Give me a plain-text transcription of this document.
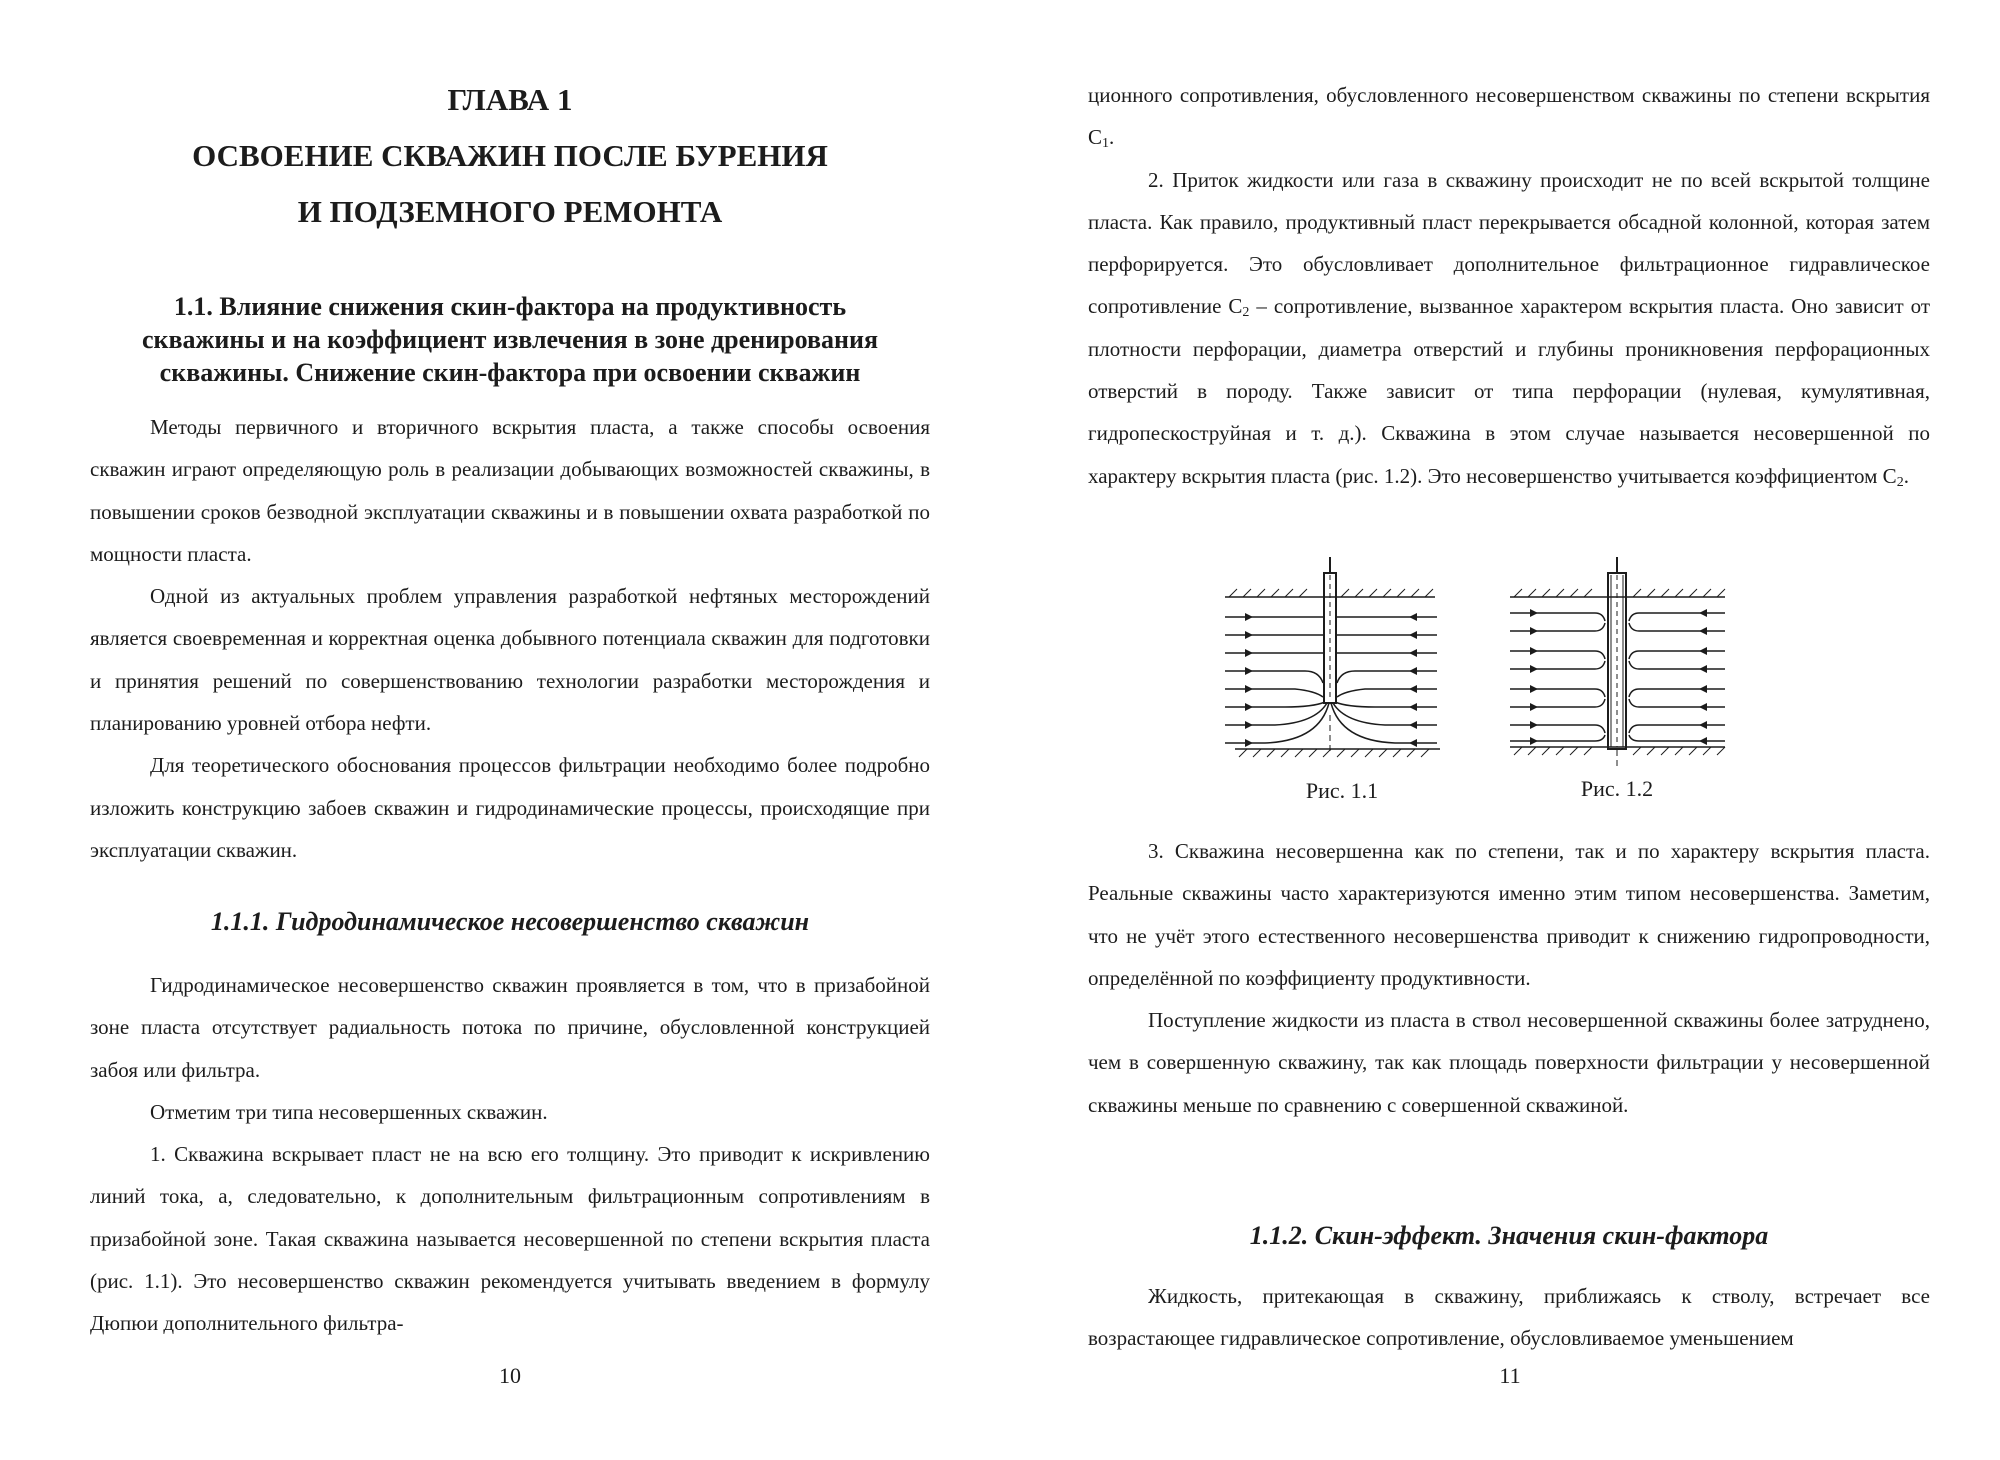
ГЛАВА 1

ОСВОЕНИЕ СКВАЖИН ПОСЛЕ БУРЕНИЯ

И ПОДЗЕМНОГО РЕМОНТА

1.1. Влияние снижения скин-фактора на продуктивность

скважины и на коэффициент извлечения в зоне дренирования

скважины. Снижение скин-фактора при освоении скважин

Методы первичного и вторичного вскрытия пласта, а также способы освоения скважин играют определяющую роль в реализации добывающих возможностей скважины, в повышении сроков безводной эксплуатации скважины и в повышении охвата разработкой по мощности пласта.

Одной из актуальных проблем управления разработкой нефтяных месторождений является своевременная и корректная оценка добывного потенциала скважин для подготовки и принятия решений по совершенствованию технологии разработки месторождения и планированию уровней отбора нефти.

Для теоретического обоснования процессов фильтрации необходимо более подробно изложить конструкцию забоев скважин и гидродинамические процессы, происходящие при эксплуатации скважин.

1.1.1. Гидродинамическое несовершенство скважин

Гидродинамическое несовершенство скважин проявляется в том, что в призабойной зоне пласта отсутствует радиальность потока по причине, обусловленной конструкцией забоя или фильтра.

Отметим три типа несовершенных скважин.

1. Скважина вскрывает пласт не на всю его толщину. Это приводит к искривлению линий тока, а, следовательно, к дополнительным фильтрационным сопротивлениям в призабойной зоне. Такая скважина называется несовершенной по степени вскрытия пласта (рис. 1.1). Это несовершенство скважин рекомендуется учитывать введением в формулу Дюпюи дополнительного фильтра-

10

ционного сопротивления, обусловленного несовершенством скважины по степени вскрытия $С_1$.

2. Приток жидкости или газа в скважину происходит не по всей вскрытой толщине пласта. Как правило, продуктивный пласт перекрывается обсадной колонной, которая затем перфорируется. Это обусловливает дополнительное фильтрационное гидравлическое сопротивление $С_2$ – сопротивление, вызванное характером вскрытия пласта. Оно зависит от плотности перфорации, диаметра отверстий и глубины проникновения перфорационных отверстий в породу. Также зависит от типа перфорации (нулевая, кумулятивная, гидропескоструйная и т. д.). Скважина в этом случае называется несовершенной по характеру вскрытия пласта (рис. 1.2). Это несовершенство учитывается коэффициентом $С_2$.

Рис. 1.1	Рис. 1.2

3. Скважина несовершенна как по степени, так и по характеру вскрытия пласта. Реальные скважины часто характеризуются именно этим типом несовершенства. Заметим, что не учёт этого естественного несовершенства приводит к снижению гидропроводности, определённой по коэффициенту продуктивности.

Поступление жидкости из пласта в ствол несовершенной скважины более затруднено, чем в совершенную скважину, так как площадь поверхности фильтрации у несовершенной скважины меньше по сравнению с совершенной скважиной.

1.1.2. Скин-эффект. Значения скин-фактора

Жидкость, притекающая в скважину, приближаясь к стволу, встречает все возрастающее гидравлическое сопротивление, обусловливаемое уменьшением

11
